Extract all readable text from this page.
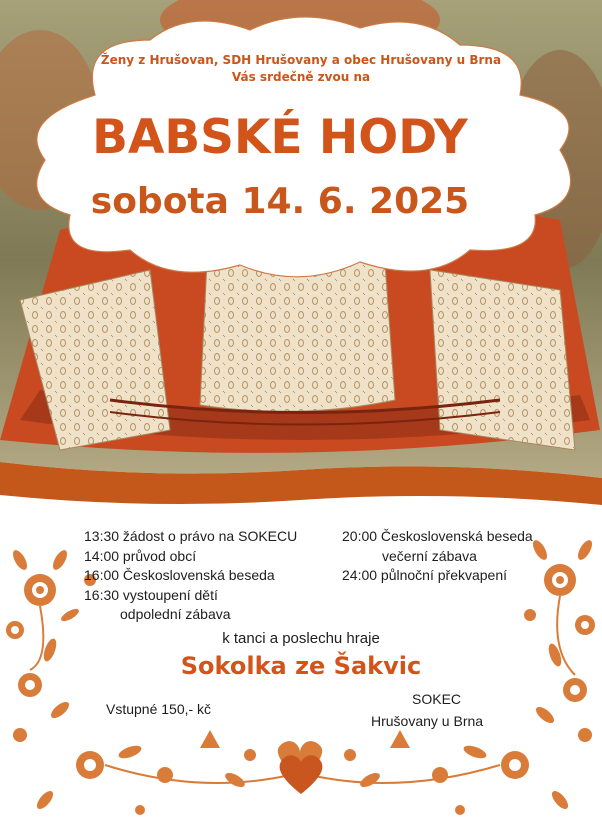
Ženy z Hrušovan, SDH Hrušovany a obec Hrušovany u Brna
Vás srdečně zvou na
BABSKÉ HODY
sobota 14. 6. 2025
13:30 žádost o právo na SOKECU
14:00 průvod obcí
16:00 Československá beseda
16:30 vystoupení dětí
odpolední zábava
20:00 Československá beseda
večerní zábava
24:00 půlnoční překvapení
k tanci a poslechu hraje
Sokolka ze Šakvic
Vstupné 150,- kč
SOKEC
Hrušovany u Brna
